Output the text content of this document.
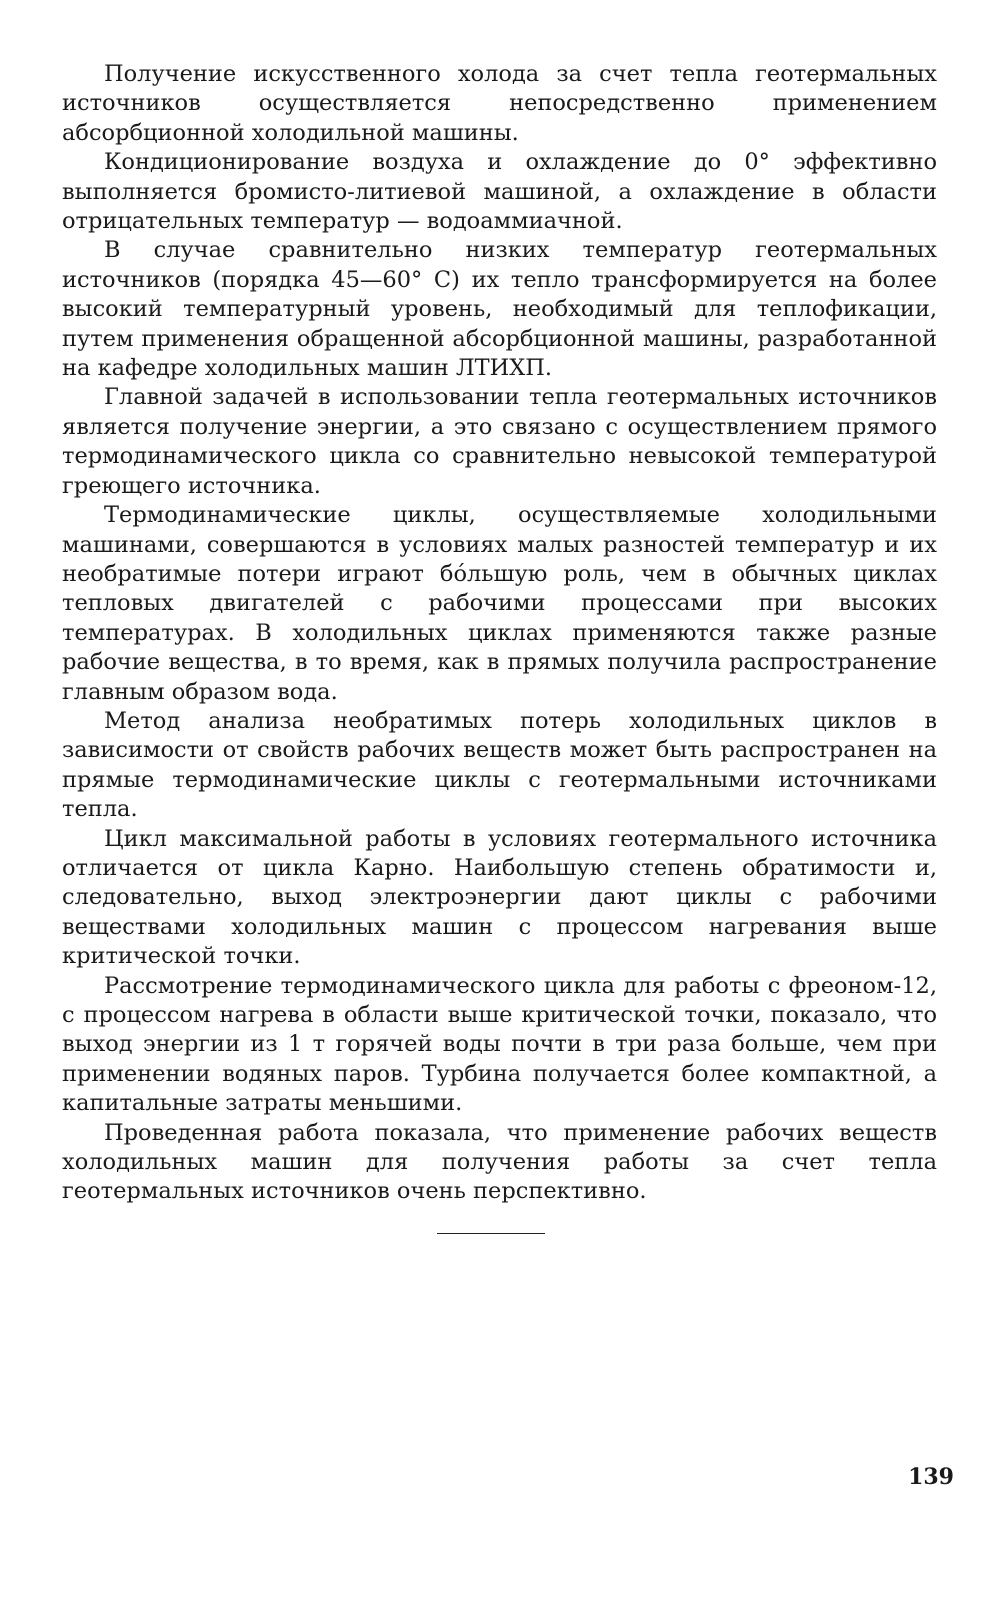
Получение искусственного холода за счет тепла геотермальных источников осуществляется непосредственно применением абсорбционной холодильной машины.

Кондиционирование воздуха и охлаждение до 0° эффективно выполняется бромисто-литиевой машиной, а охлаждение в области отрицательных температур — водоаммиачной.

В случае сравнительно низких температур геотермальных источников (порядка 45—60° С) их тепло трансформируется на более высокий температурный уровень, необходимый для теплофикации, путем применения обращенной абсорбционной машины, разработанной на кафедре холодильных машин ЛТИХП.

Главной задачей в использовании тепла геотермальных источников является получение энергии, а это связано с осуществлением прямого термодинамического цикла со сравнительно невысокой температурой греющего источника.

Термодинамические циклы, осуществляемые холодильными машинами, совершаются в условиях малых разностей температур и их необратимые потери играют бóльшую роль, чем в обычных циклах тепловых двигателей с рабочими процессами при высоких температурах. В холодильных циклах применяются также разные рабочие вещества, в то время, как в прямых получила распространение главным образом вода.

Метод анализа необратимых потерь холодильных циклов в зависимости от свойств рабочих веществ может быть распространен на прямые термодинамические циклы с геотермальными источниками тепла.

Цикл максимальной работы в условиях геотермального источника отличается от цикла Карно. Наибольшую степень обратимости и, следовательно, выход электроэнергии дают циклы с рабочими веществами холодильных машин с процессом нагревания выше критической точки.

Рассмотрение термодинамического цикла для работы с фреоном-12, с процессом нагрева в области выше критической точки, показало, что выход энергии из 1 т горячей воды почти в три раза больше, чем при применении водяных паров. Турбина получается более компактной, а капитальные затраты меньшими.

Проведенная работа показала, что применение рабочих веществ холодильных машин для получения работы за счет тепла геотермальных источников очень перспективно.

139
